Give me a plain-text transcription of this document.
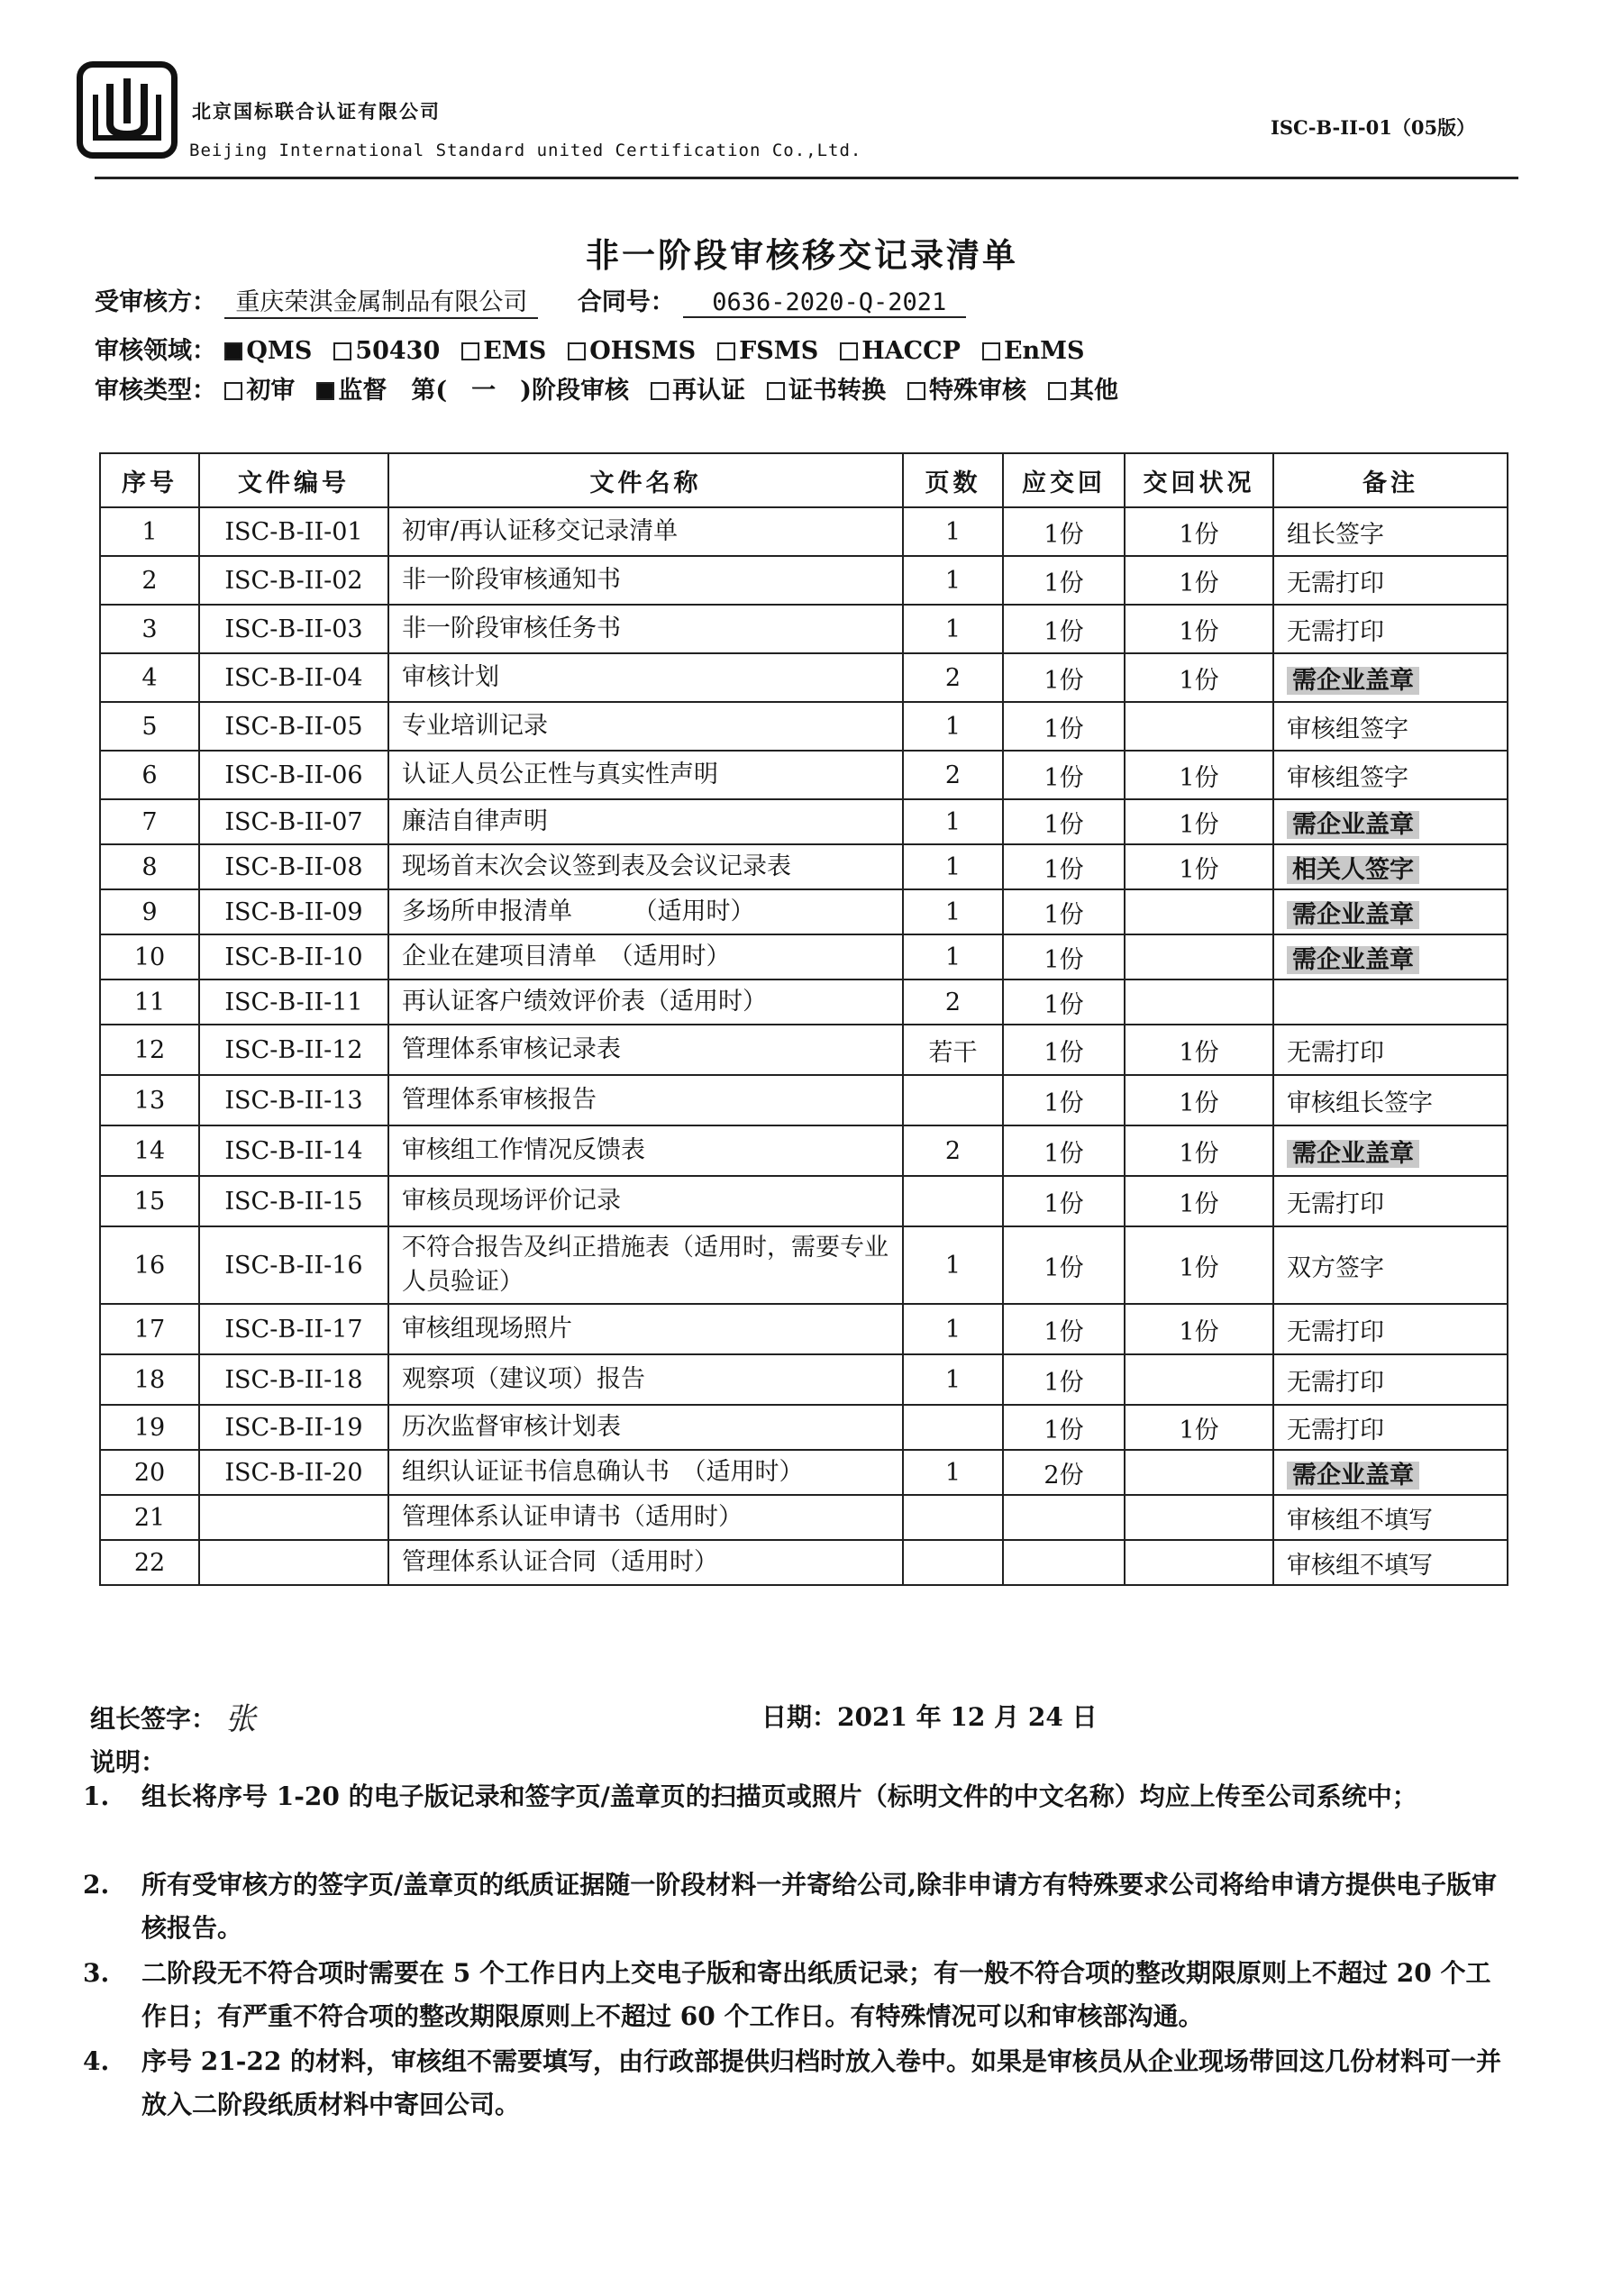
北京国标联合认证有限公司
Beijing International Standard united Certification Co.,Ltd.
ISC-B-II-01（05版）
非一阶段审核移交记录清单
受审核方： 重庆荣淇金属制品有限公司 合同号： 0636-2020-Q-2021
审核领域： QMS 50430 EMS OHSMS FSMS HACCP EnMS
审核类型： 初审 监督　第(　一　)阶段审核 再认证 证书转换 特殊审核 其他
序号	文件编号	文件名称	页数	应交回	交回状况	备注
1	ISC-B-II-01	初审/再认证移交记录清单	1	1份	1份	组长签字
2	ISC-B-II-02	非一阶段审核通知书	1	1份	1份	无需打印
3	ISC-B-II-03	非一阶段审核任务书	1	1份	1份	无需打印
4	ISC-B-II-04	审核计划	2	1份	1份	需企业盖章
5	ISC-B-II-05	专业培训记录	1	1份		审核组签字
6	ISC-B-II-06	认证人员公正性与真实性声明	2	1份	1份	审核组签字
7	ISC-B-II-07	廉洁自律声明	1	1份	1份	需企业盖章
8	ISC-B-II-08	现场首末次会议签到表及会议记录表	1	1份	1份	相关人签字
9	ISC-B-II-09	多场所申报清单　　　（适用时）	1	1份		需企业盖章
10	ISC-B-II-10	企业在建项目清单　（适用时）	1	1份		需企业盖章
11	ISC-B-II-11	再认证客户绩效评价表（适用时）	2	1份		
12	ISC-B-II-12	管理体系审核记录表	若干	1份	1份	无需打印
13	ISC-B-II-13	管理体系审核报告		1份	1份	审核组长签字
14	ISC-B-II-14	审核组工作情况反馈表	2	1份	1份	需企业盖章
15	ISC-B-II-15	审核员现场评价记录		1份	1份	无需打印
16	ISC-B-II-16	不符合报告及纠正措施表（适用时，需要专业人员验证）	1	1份	1份	双方签字
17	ISC-B-II-17	审核组现场照片	1	1份	1份	无需打印
18	ISC-B-II-18	观察项（建议项）报告	1	1份		无需打印
19	ISC-B-II-19	历次监督审核计划表		1份	1份	无需打印
20	ISC-B-II-20	组织认证证书信息确认书　（适用时）	1	2份		需企业盖章
21		管理体系认证申请书（适用时）				审核组不填写
22		管理体系认证合同（适用时）				审核组不填写
组长签字： 张	日期：2021 年 12 月 24 日
说明：
1.	组长将序号 1-20 的电子版记录和签字页/盖章页的扫描页或照片（标明文件的中文名称）均应上传至公司系统中；
2.	所有受审核方的签字页/盖章页的纸质证据随一阶段材料一并寄给公司,除非申请方有特殊要求公司将给申请方提供电子版审核报告。
3.	二阶段无不符合项时需要在 5 个工作日内上交电子版和寄出纸质记录；有一般不符合项的整改期限原则上不超过 20 个工作日；有严重不符合项的整改期限原则上不超过 60 个工作日。有特殊情况可以和审核部沟通。
4.	序号 21-22 的材料，审核组不需要填写，由行政部提供归档时放入卷中。如果是审核员从企业现场带回这几份材料可一并放入二阶段纸质材料中寄回公司。
